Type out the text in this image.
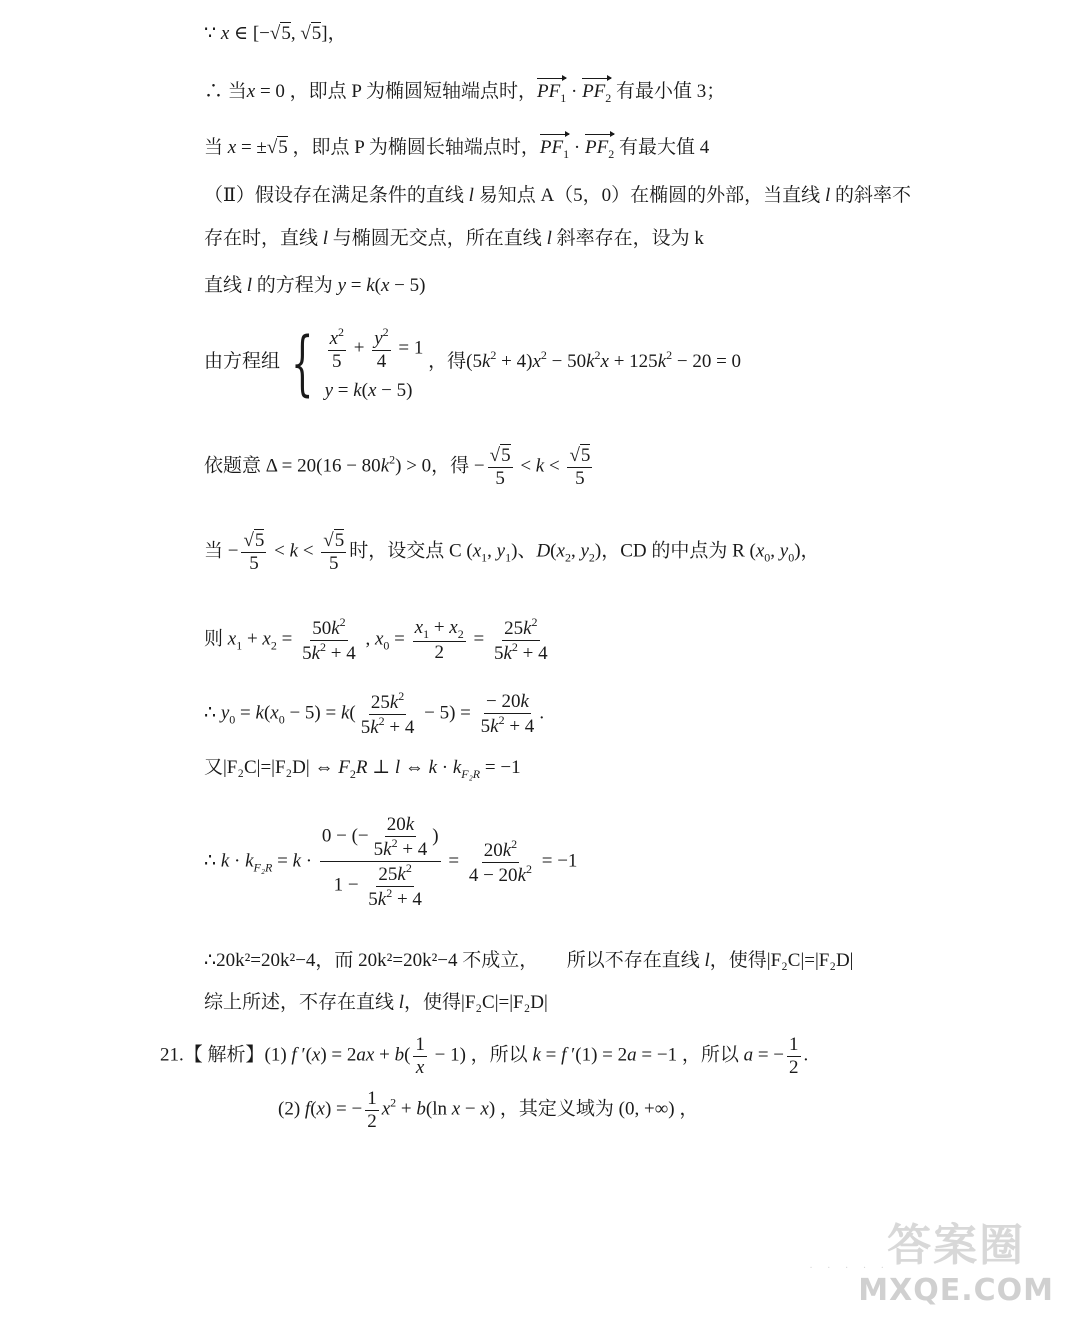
∵ x ∈ [−√5, √5]，
∴ 当x = 0 ，即点 P 为椭圆短轴端点时，$PF_1 \cdot PF_2$ 有最小值 3；
当 x = ±√5 ，即点 P 为椭圆长轴端点时，$PF_1 \cdot PF_2$ 有最大值 4
（Ⅱ）假设存在满足条件的直线 l 易知点 A（5，0）在椭圆的外部，当直线 l 的斜率不
存在时，直线 l 与椭圆无交点，所在直线 l 斜率存在，设为 k
直线 l 的方程为 y = k(x − 5)
由方程组 { $\frac{x^2}{5} + \frac{y^2}{4} = 1$
y = k(x − 5)
，得$(5k^2 + 4)x^2 - 50k^2x + 125k^2 - 20 = 0$
依题意 $\Delta = 20(16 - 80k^2) > 0$，得 − $\frac{√5}{5} < k < \frac{√5}{5}$
当 − $\frac{√5}{5} < k < \frac{√5}{5}$ 时，设交点 C ($x_1$, $y_1$)、$D(x_2$, $y_2$)，CD 的中点为 R ($x_0$, $y_0$)，
则 $x_1 + x_2 = \frac{50k^2}{5k^2 + 4}$ , $x_0 = \frac{x_1 + x_2}{2} = \frac{25k^2}{5k^2 + 4}$
∴ $y_0 = k(x_0 - 5) = k( \frac{25k^2}{5k^2 + 4} - 5) = \frac{- 20k}{5k^2 + 4}$ .
又|F₂C|=|F₂D| ⇔ $F_2R$ ⊥ l ⇔ $k \cdot k_{F_2R} = -1$
∴ $k \cdot k_{F_2R} = k \cdot \frac{0 - (- \frac{20k}{5k^2 + 4} )}{1 - \frac{25k^2}{5k^2 + 4}} = \frac{20k^2}{4 - 20k^2} = -1$
∴20k²=20k²−4，而 20k²=20k²−4 不成立，　　所以不存在直线 l，使得|F₂C|=|F₂D|
综上所述，不存在直线 l，使得|F₂C|=|F₂D|
21.【 解析】(1) f $'(x) = 2ax + b( \frac{1}{x} - 1)$ ，所以 k = f ′(1) = 2a = −1 ，所以 a = − $\frac{1}{2}$ .
(2) f(x) = − $\frac{1}{2} x^2 + b(\ln$ x − x) ，其定义域为 (0, +∞) ，
· · · · ·
答案圈
MXQE.COM
